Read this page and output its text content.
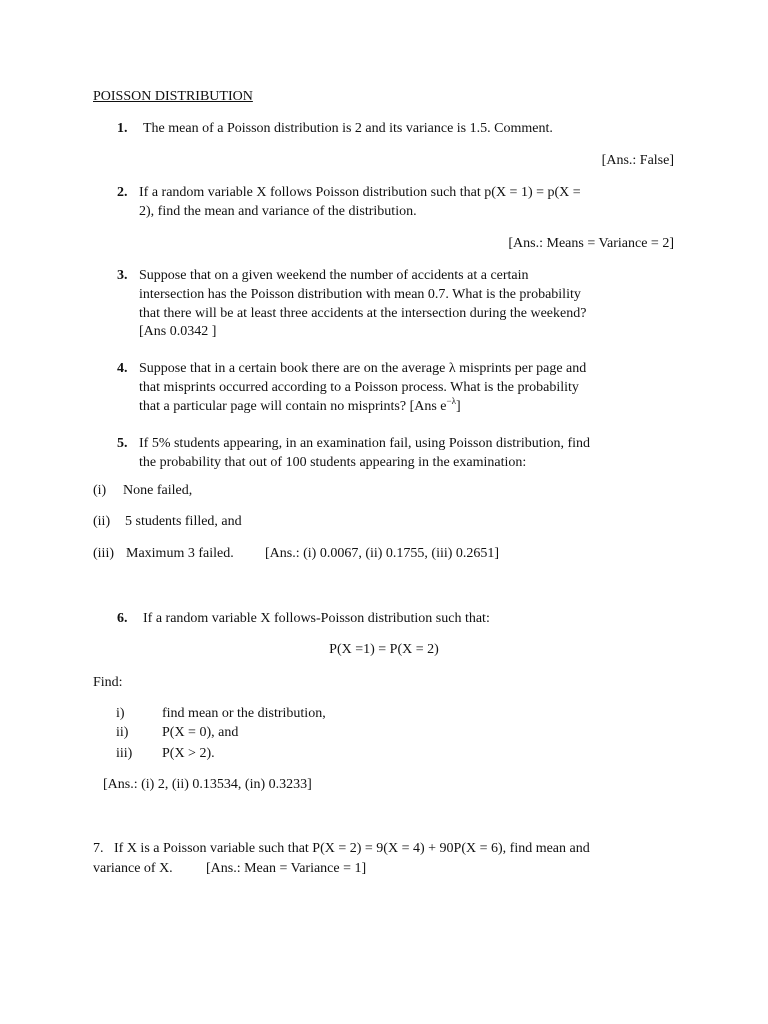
POISSON DISTRIBUTION
1. The mean of a Poisson distribution is 2 and its variance is 1.5. Comment.
[Ans.: False]
2. If a random variable X follows Poisson distribution such that p(X = 1) = p(X =
2), find the mean and variance of the distribution.
[Ans.: Means = Variance = 2]
3. Suppose that on a given weekend the number of accidents at a certain
intersection has the Poisson distribution with mean 0.7. What is the probability
that there will be at least three accidents at the intersection during the weekend?
[Ans 0.0342 ]
4. Suppose that in a certain book there are on the average λ misprints per page and
that misprints occurred according to a Poisson process. What is the probability
that a particular page will contain no misprints? [Ans $e^{-\lambda}$]
5. If 5% students appearing, in an examination fail, using Poisson distribution, find
the probability that out of 100 students appearing in the examination:
(i) None failed,
(ii) 5 students filled, and
(iii) Maximum 3 failed. [Ans.: (i) 0.0067, (ii) 0.1755, (iii) 0.2651]
6. If a random variable X follows-Poisson distribution such that:
P(X =1) = P(X = 2)
Find:
i)	find mean or the distribution,
ii) P(X = 0), and
iii) P(X > 2).
[Ans.: (i) 2, (ii) 0.13534, (in) 0.3233]
7.   If X is a Poisson variable such that P(X = 2) = 9(X = 4) + 90P(X = 6), find mean and
variance of X. [Ans.: Mean = Variance = 1]
